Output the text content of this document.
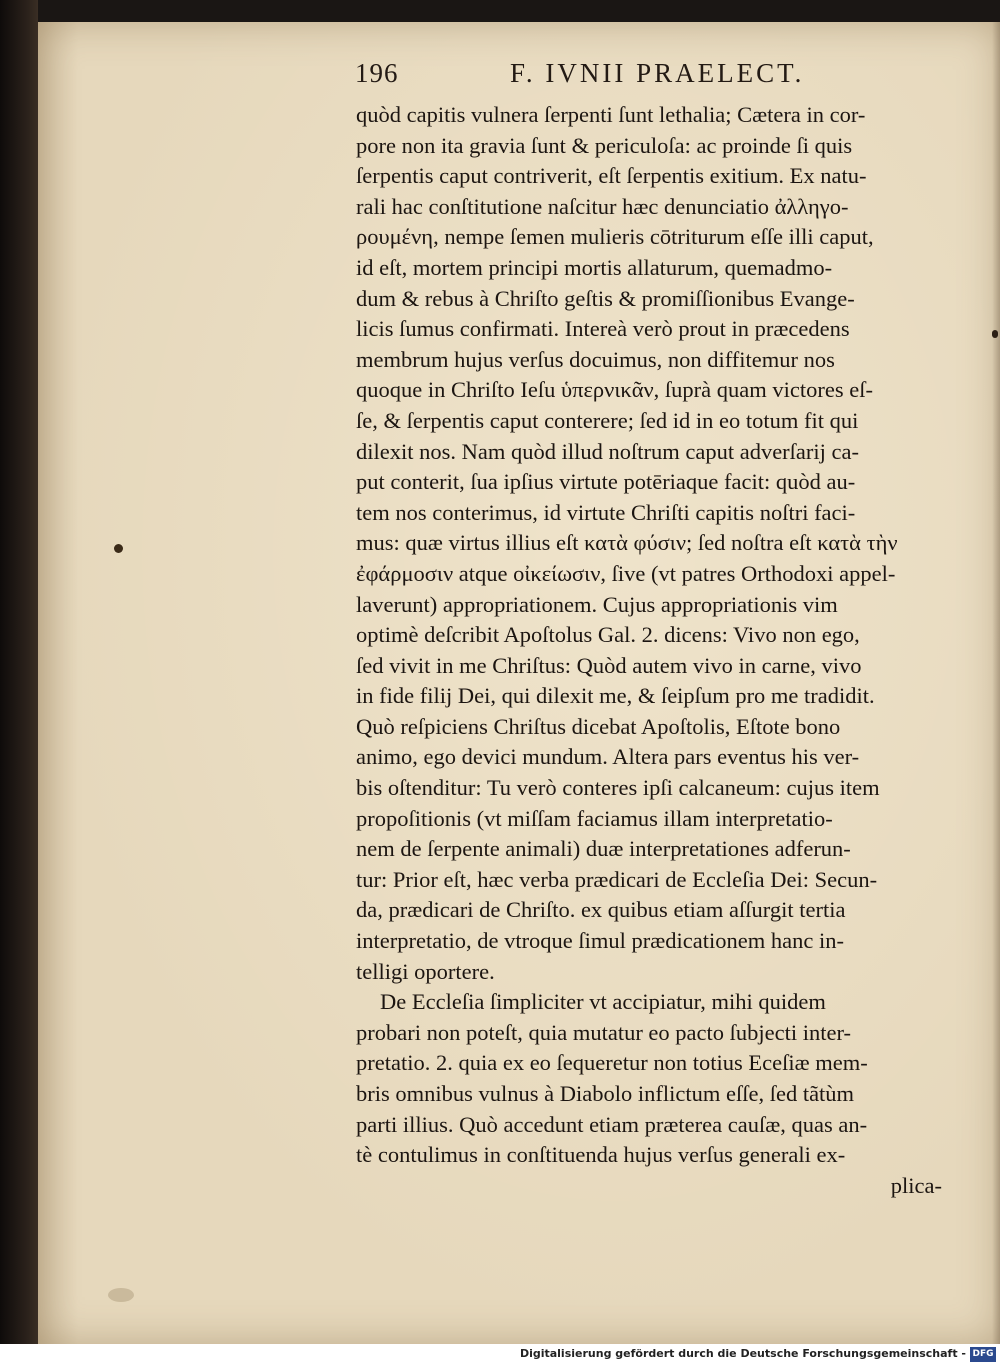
196	F. IVNII PRAELECT.
quòd capitis vulnera ſerpenti ſunt lethalia; Cætera in cor-
pore non ita gravia ſunt & periculoſa: ac proinde ſi quis
ſerpentis caput contriverit, eſt ſerpentis exitium. Ex natu-
rali hac conſtitutione naſcitur hæc denunciatio ἀλληγο-
ρουμένη, nempe ſemen mulieris cōtriturum eſſe illi caput,
id eſt, mortem principi mortis allaturum, quemadmo-
dum & rebus à Chriſto geſtis & promiſſionibus Evange-
licis ſumus confirmati. Intereà verò prout in præcedens
membrum hujus verſus docuimus, non diffitemur nos
quoque in Chriſto Ieſu ὑπερνικᾶν, ſuprà quam victores eſ-
ſe, & ſerpentis caput conterere; ſed id in eo totum fit qui
dilexit nos. Nam quòd illud noſtrum caput adverſarij ca-
put conterit, ſua ipſius virtute potēriaque facit: quòd au-
tem nos conterimus, id virtute Chriſti capitis noſtri faci-
mus: quæ virtus illius eſt κατὰ φύσιν; ſed noſtra eſt κατὰ τὴν
ἐφάρμοσιν atque οἰκείωσιν, ſive (vt patres Orthodoxi appel-
laverunt) appropriationem. Cujus appropriationis vim
optimè deſcribit Apoſtolus Gal. 2. dicens: Vivo non ego,
ſed vivit in me Chriſtus: Quòd autem vivo in carne, vivo
in fide filij Dei, qui dilexit me, & ſeipſum pro me tradidit.
Quò reſpiciens Chriſtus dicebat Apoſtolis, Eſtote bono
animo, ego devici mundum. Altera pars eventus his ver-
bis oſtenditur: Tu verò conteres ipſi calcaneum: cujus item
propoſitionis (vt miſſam faciamus illam interpretatio-
nem de ſerpente animali) duæ interpretationes adferun-
tur: Prior eſt, hæc verba prædicari de Eccleſia Dei: Secun-
da, prædicari de Chriſto. ex quibus etiam aſſurgit tertia
interpretatio, de vtroque ſimul prædicationem hanc in-
telligi oportere.
De Eccleſia ſimpliciter vt accipiatur, mihi quidem
probari non poteſt, quia mutatur eo pacto ſubjecti inter-
pretatio. 2. quia ex eo ſequeretur non totius Eceſiæ mem-
bris omnibus vulnus à Diabolo inflictum eſſe, ſed tãtùm
parti illius. Quò accedunt etiam præterea cauſæ, quas an-
tè contulimus in conſtituenda hujus verſus generali ex-
plica-
Digitalisierung gefördert durch die Deutsche Forschungsgemeinschaft - DFG
